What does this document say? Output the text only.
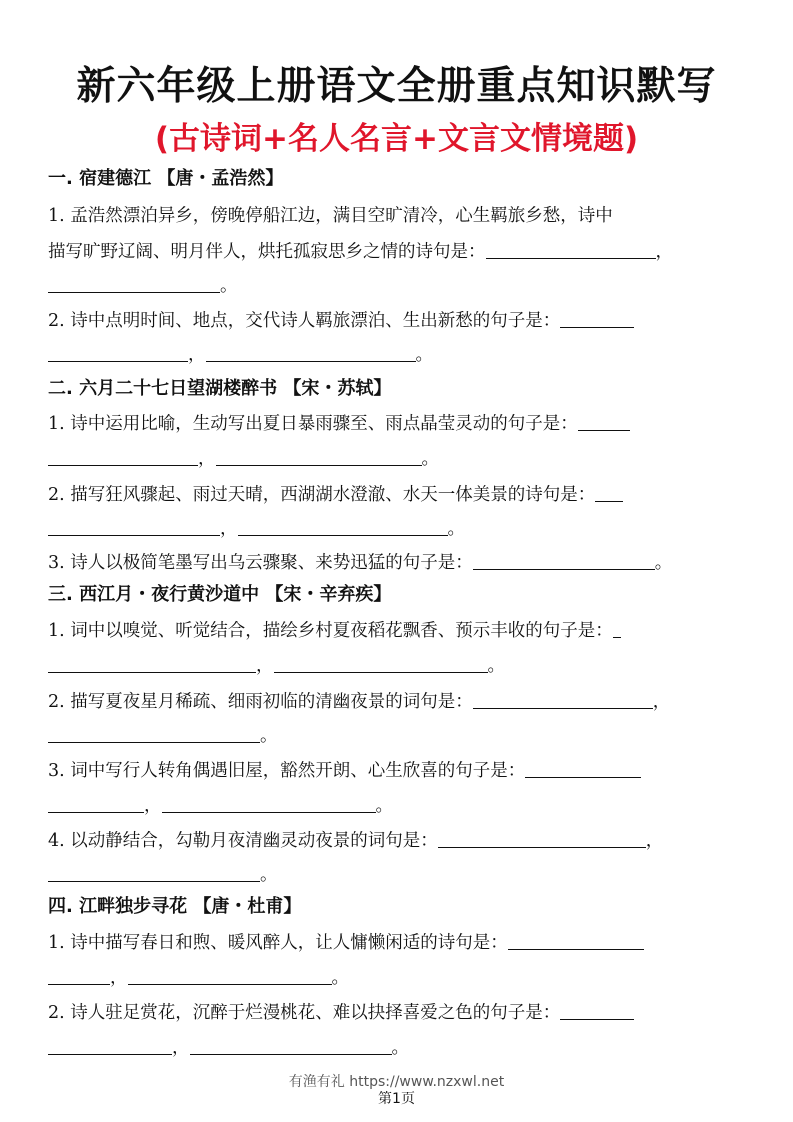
新六年级上册语文全册重点知识默写
(古诗词+名人名言+文言文情境题)
一. 宿建德江 【唐・孟浩然】
1. 孟浩然漂泊异乡，傍晚停船江边，满目空旷清冷，心生羁旅乡愁，诗中
描写旷野辽阔、明月伴人，烘托孤寂思乡之情的诗句是：	，
。
2. 诗中点明时间、地点，交代诗人羁旅漂泊、生出新愁的句子是：
，	。
二. 六月二十七日望湖楼醉书 【宋・苏轼】
1. 诗中运用比喻，生动写出夏日暴雨骤至、雨点晶莹灵动的句子是：
，	。
2. 描写狂风骤起、雨过天晴，西湖湖水澄澈、水天一体美景的诗句是：
，	。
3. 诗人以极简笔墨写出乌云骤聚、来势迅猛的句子是：	。
三. 西江月・夜行黄沙道中 【宋・辛弃疾】
1. 词中以嗅觉、听觉结合，描绘乡村夏夜稻花飘香、预示丰收的句子是：
，	。
2. 描写夏夜星月稀疏、细雨初临的清幽夜景的词句是：	，
。
3. 词中写行人转角偶遇旧屋，豁然开朗、心生欣喜的句子是：
，	。
4. 以动静结合，勾勒月夜清幽灵动夜景的词句是：	，
。
四. 江畔独步寻花 【唐・杜甫】
1. 诗中描写春日和煦、暖风醉人，让人慵懒闲适的诗句是：
，	。
2. 诗人驻足赏花，沉醉于烂漫桃花、难以抉择喜爱之色的句子是：
，	。
有渔有礼 https://www.nzxwl.net
第1页
